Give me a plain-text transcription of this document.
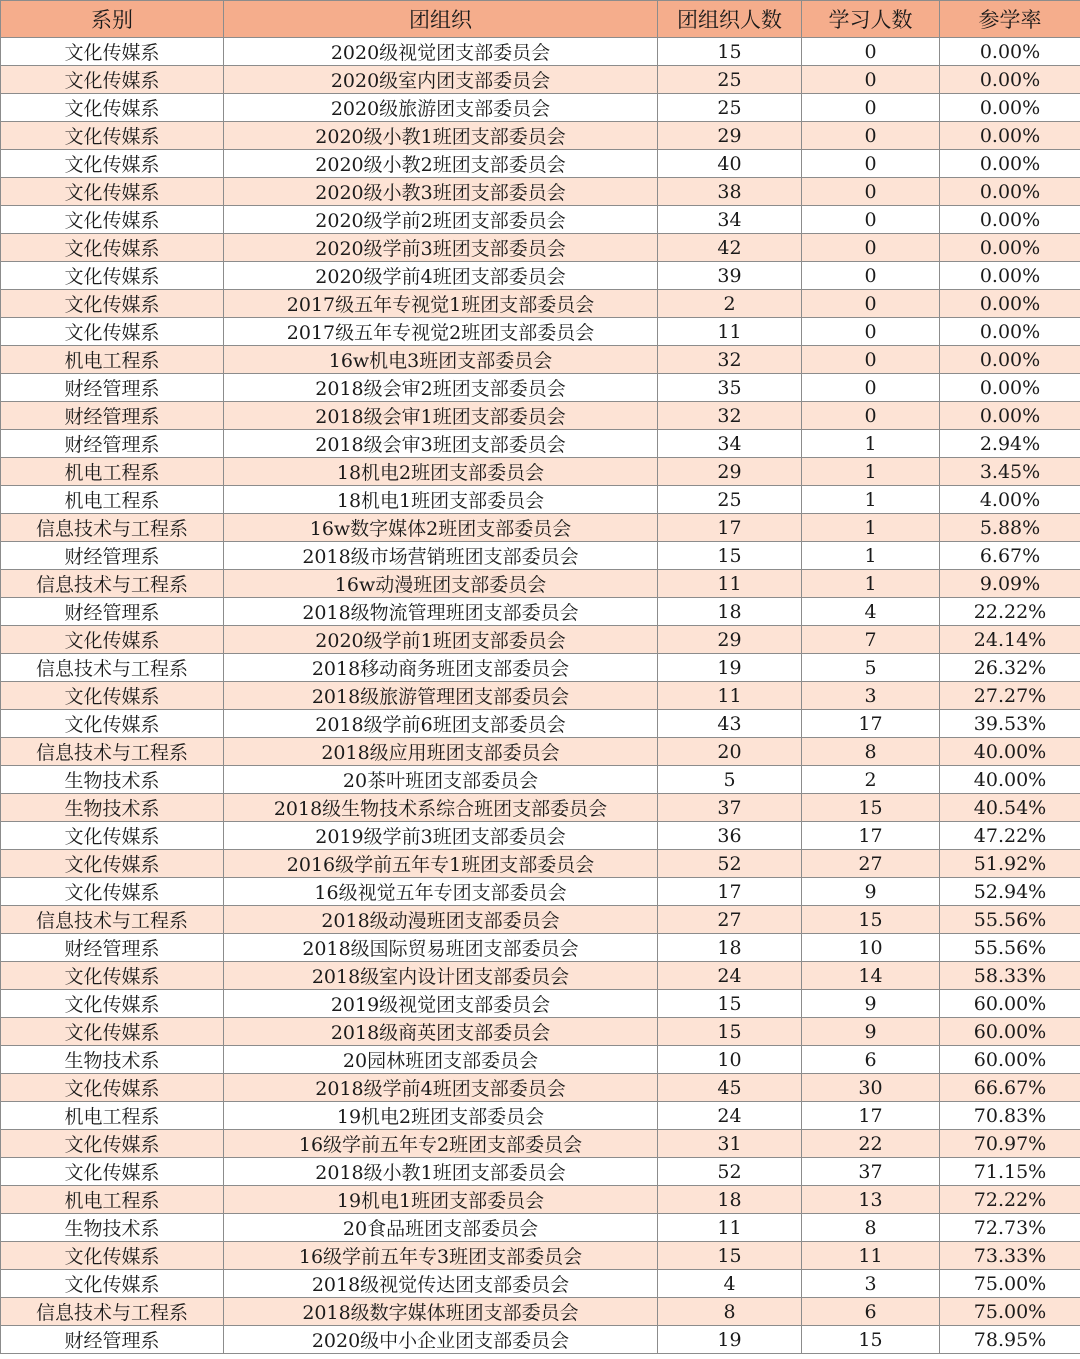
系别	团组织	团组织人数	学习人数	参学率
文化传媒系	2020级视觉团支部委员会	15	0	0.00%
文化传媒系	2020级室内团支部委员会	25	0	0.00%
文化传媒系	2020级旅游团支部委员会	25	0	0.00%
文化传媒系	2020级小教1班团支部委员会	29	0	0.00%
文化传媒系	2020级小教2班团支部委员会	40	0	0.00%
文化传媒系	2020级小教3班团支部委员会	38	0	0.00%
文化传媒系	2020级学前2班团支部委员会	34	0	0.00%
文化传媒系	2020级学前3班团支部委员会	42	0	0.00%
文化传媒系	2020级学前4班团支部委员会	39	0	0.00%
文化传媒系	2017级五年专视觉1班团支部委员会	2	0	0.00%
文化传媒系	2017级五年专视觉2班团支部委员会	11	0	0.00%
机电工程系	16w机电3班团支部委员会	32	0	0.00%
财经管理系	2018级会审2班团支部委员会	35	0	0.00%
财经管理系	2018级会审1班团支部委员会	32	0	0.00%
财经管理系	2018级会审3班团支部委员会	34	1	2.94%
机电工程系	18机电2班团支部委员会	29	1	3.45%
机电工程系	18机电1班团支部委员会	25	1	4.00%
信息技术与工程系	16w数字媒体2班团支部委员会	17	1	5.88%
财经管理系	2018级市场营销班团支部委员会	15	1	6.67%
信息技术与工程系	16w动漫班团支部委员会	11	1	9.09%
财经管理系	2018级物流管理班团支部委员会	18	4	22.22%
文化传媒系	2020级学前1班团支部委员会	29	7	24.14%
信息技术与工程系	2018移动商务班团支部委员会	19	5	26.32%
文化传媒系	2018级旅游管理团支部委员会	11	3	27.27%
文化传媒系	2018级学前6班团支部委员会	43	17	39.53%
信息技术与工程系	2018级应用班团支部委员会	20	8	40.00%
生物技术系	20茶叶班团支部委员会	5	2	40.00%
生物技术系	2018级生物技术系综合班团支部委员会	37	15	40.54%
文化传媒系	2019级学前3班团支部委员会	36	17	47.22%
文化传媒系	2016级学前五年专1班团支部委员会	52	27	51.92%
文化传媒系	16级视觉五年专团支部委员会	17	9	52.94%
信息技术与工程系	2018级动漫班团支部委员会	27	15	55.56%
财经管理系	2018级国际贸易班团支部委员会	18	10	55.56%
文化传媒系	2018级室内设计团支部委员会	24	14	58.33%
文化传媒系	2019级视觉团支部委员会	15	9	60.00%
文化传媒系	2018级商英团支部委员会	15	9	60.00%
生物技术系	20园林班团支部委员会	10	6	60.00%
文化传媒系	2018级学前4班团支部委员会	45	30	66.67%
机电工程系	19机电2班团支部委员会	24	17	70.83%
文化传媒系	16级学前五年专2班团支部委员会	31	22	70.97%
文化传媒系	2018级小教1班团支部委员会	52	37	71.15%
机电工程系	19机电1班团支部委员会	18	13	72.22%
生物技术系	20食品班团支部委员会	11	8	72.73%
文化传媒系	16级学前五年专3班团支部委员会	15	11	73.33%
文化传媒系	2018级视觉传达团支部委员会	4	3	75.00%
信息技术与工程系	2018级数字媒体班团支部委员会	8	6	75.00%
财经管理系	2020级中小企业团支部委员会	19	15	78.95%
